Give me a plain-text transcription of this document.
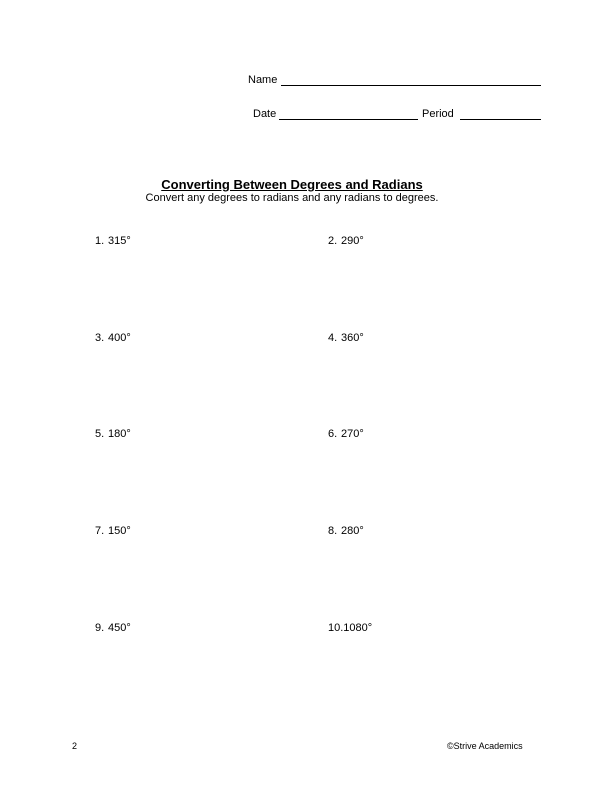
Name
Date	Period
Converting Between Degrees and Radians
Convert any degrees to radians and any radians to degrees.
1. 315°	2. 290°
3. 400°	4. 360°
5. 180°	6. 270°
7. 150°	8. 280°
9. 450°	10.1080°
2	©Strive Academics
